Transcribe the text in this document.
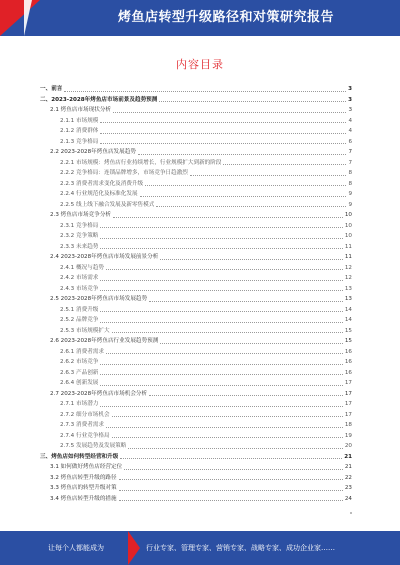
烤鱼店转型升级路径和对策研究报告
内容目录
一、前言	3
二、2023-2028年烤鱼店市场前景及趋势预测	3
2.1 烤鱼店市场现状分析	3
2.1.1 市场规模	4
2.1.2 消费群体	4
2.1.3 竞争格局	6
2.2 2023-2028年烤鱼店发展趋势	7
2.2.1 市场规模：烤鱼店行业持续增长，行业规模扩大到新的阶段	7
2.2.2 竞争格局：连锁品牌增多，市场竞争日趋激烈	8
2.2.3 消费者需求变化及消费升级	8
2.2.4 行业规范化及标准化发展	9
2.2.5 线上线下融合发展及新零售模式	9
2.3 烤鱼店市场竞争分析	10
2.3.1 竞争格局	10
2.3.2 竞争策略	10
2.3.3 未来趋势	11
2.4 2023-2028年烤鱼店市场发展前景分析	11
2.4.1 概况与趋势	12
2.4.2 市场需求	12
2.4.3 市场竞争	13
2.5 2023-2028年烤鱼店市场发展趋势	13
2.5.1 消费升级	14
2.5.2 品牌竞争	14
2.5.3 市场规模扩大	15
2.6 2023-2028年烤鱼店行业发展趋势预测	15
2.6.1 消费者需求	16
2.6.2 市场竞争	16
2.6.3 产品创新	16
2.6.4 创新发展	17
2.7 2023-2028年烤鱼店市场机会分析	17
2.7.1 市场潜力	17
2.7.2 细分市场机会	17
2.7.3 消费者需求	18
2.7.4 行业竞争格局	19
2.7.5 发展趋势及发展策略	20
三、烤鱼店如何转型经营和升级	21
3.1 如何做好烤鱼店经营定位	21
3.2 烤鱼店转型升级的路径	22
3.3 烤鱼店的转型升级对策	23
3.4 烤鱼店转型升级的措施	24
让每个人都能成为	行业专家、管理专家、营销专家、战略专家、成功企业家……
